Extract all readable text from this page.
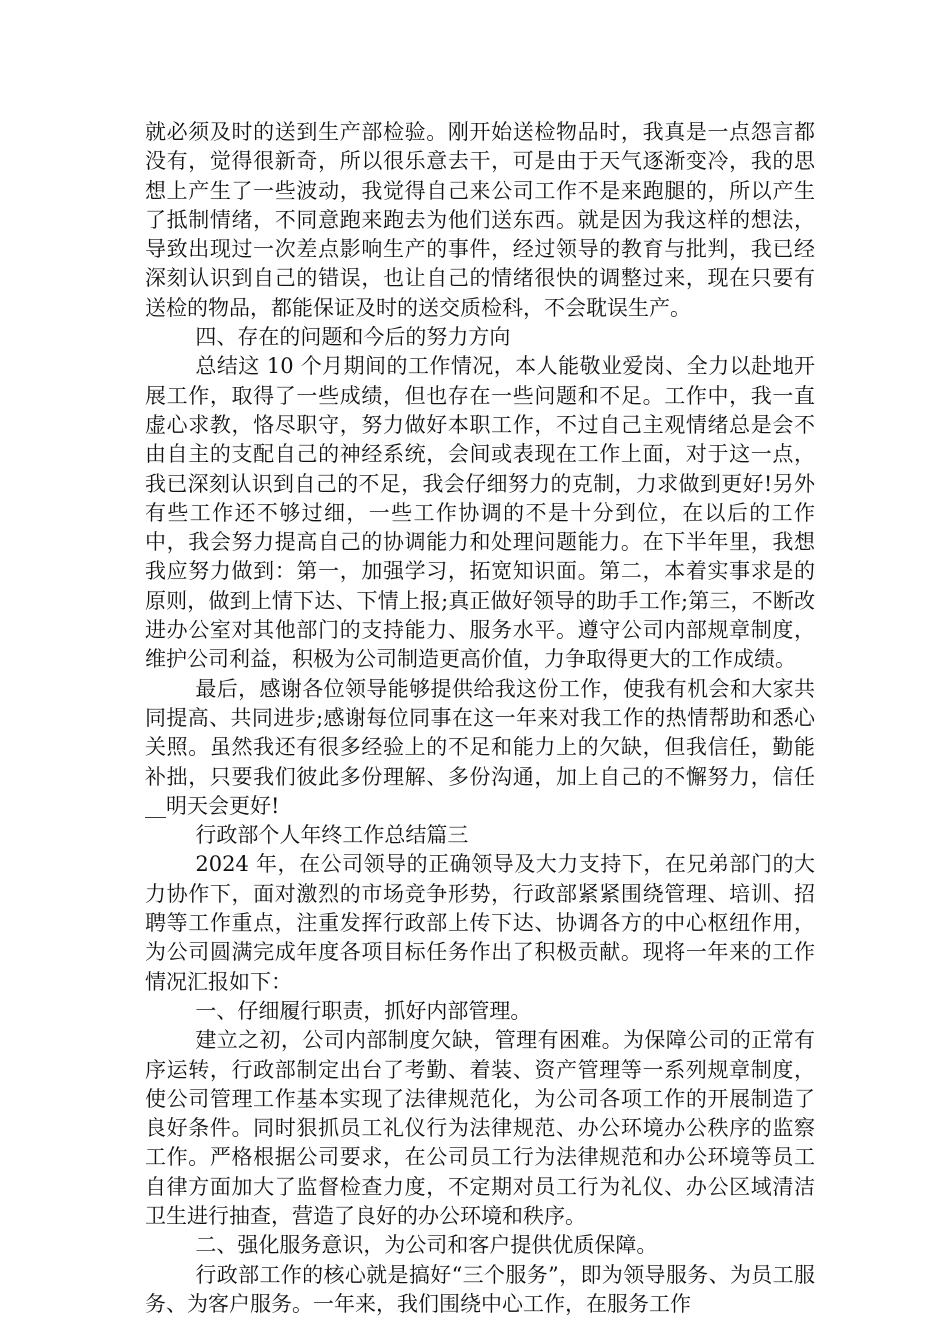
就必须及时的送到生产部检验。刚开始送检物品时，我真是一点怨言都没有，觉得很新奇，所以很乐意去干，可是由于天气逐渐变冷，我的思想上产生了一些波动，我觉得自己来公司工作不是来跑腿的，所以产生了抵制情绪，不同意跑来跑去为他们送东西。就是因为我这样的想法，导致出现过一次差点影响生产的事件，经过领导的教育与批判，我已经深刻认识到自己的错误，也让自己的情绪很快的调整过来，现在只要有送检的物品，都能保证及时的送交质检科，不会耽误生产。

四、存在的问题和今后的努力方向

总结这 10 个月期间的工作情况，本人能敬业爱岗、全力以赴地开展工作，取得了一些成绩，但也存在一些问题和不足。工作中，我一直虚心求教，恪尽职守，努力做好本职工作，不过自己主观情绪总是会不由自主的支配自己的神经系统，会间或表现在工作上面，对于这一点，我已深刻认识到自己的不足，我会仔细努力的克制，力求做到更好!另外有些工作还不够过细，一些工作协调的不是十分到位，在以后的工作中，我会努力提高自己的协调能力和处理问题能力。在下半年里，我想我应努力做到：第一，加强学习，拓宽知识面。第二，本着实事求是的原则，做到上情下达、下情上报;真正做好领导的助手工作;第三，不断改进办公室对其他部门的支持能力、服务水平。遵守公司内部规章制度，维护公司利益，积极为公司制造更高价值，力争取得更大的工作成绩。

最后，感谢各位领导能够提供给我这份工作，使我有机会和大家共同提高、共同进步;感谢每位同事在这一年来对我工作的热情帮助和悉心关照。虽然我还有很多经验上的不足和能力上的欠缺，但我信任，勤能补拙，只要我们彼此多份理解、多份沟通，加上自己的不懈努力，信任__明天会更好!

行政部个人年终工作总结篇三

2024 年，在公司领导的正确领导及大力支持下，在兄弟部门的大力协作下，面对激烈的市场竞争形势，行政部紧紧围绕管理、培训、招聘等工作重点，注重发挥行政部上传下达、协调各方的中心枢纽作用，为公司圆满完成年度各项目标任务作出了积极贡献。现将一年来的工作情况汇报如下：

一、仔细履行职责，抓好内部管理。

建立之初，公司内部制度欠缺，管理有困难。为保障公司的正常有序运转，行政部制定出台了考勤、着装、资产管理等一系列规章制度，使公司管理工作基本实现了法律规范化，为公司各项工作的开展制造了良好条件。同时狠抓员工礼仪行为法律规范、办公环境办公秩序的监察工作。严格根据公司要求，在公司员工行为法律规范和办公环境等员工自律方面加大了监督检查力度，不定期对员工行为礼仪、办公区域清洁卫生进行抽查，营造了良好的办公环境和秩序。

二、强化服务意识，为公司和客户提供优质保障。

行政部工作的核心就是搞好“三个服务”，即为领导服务、为员工服务、为客户服务。一年来，我们围绕中心工作，在服务工作
